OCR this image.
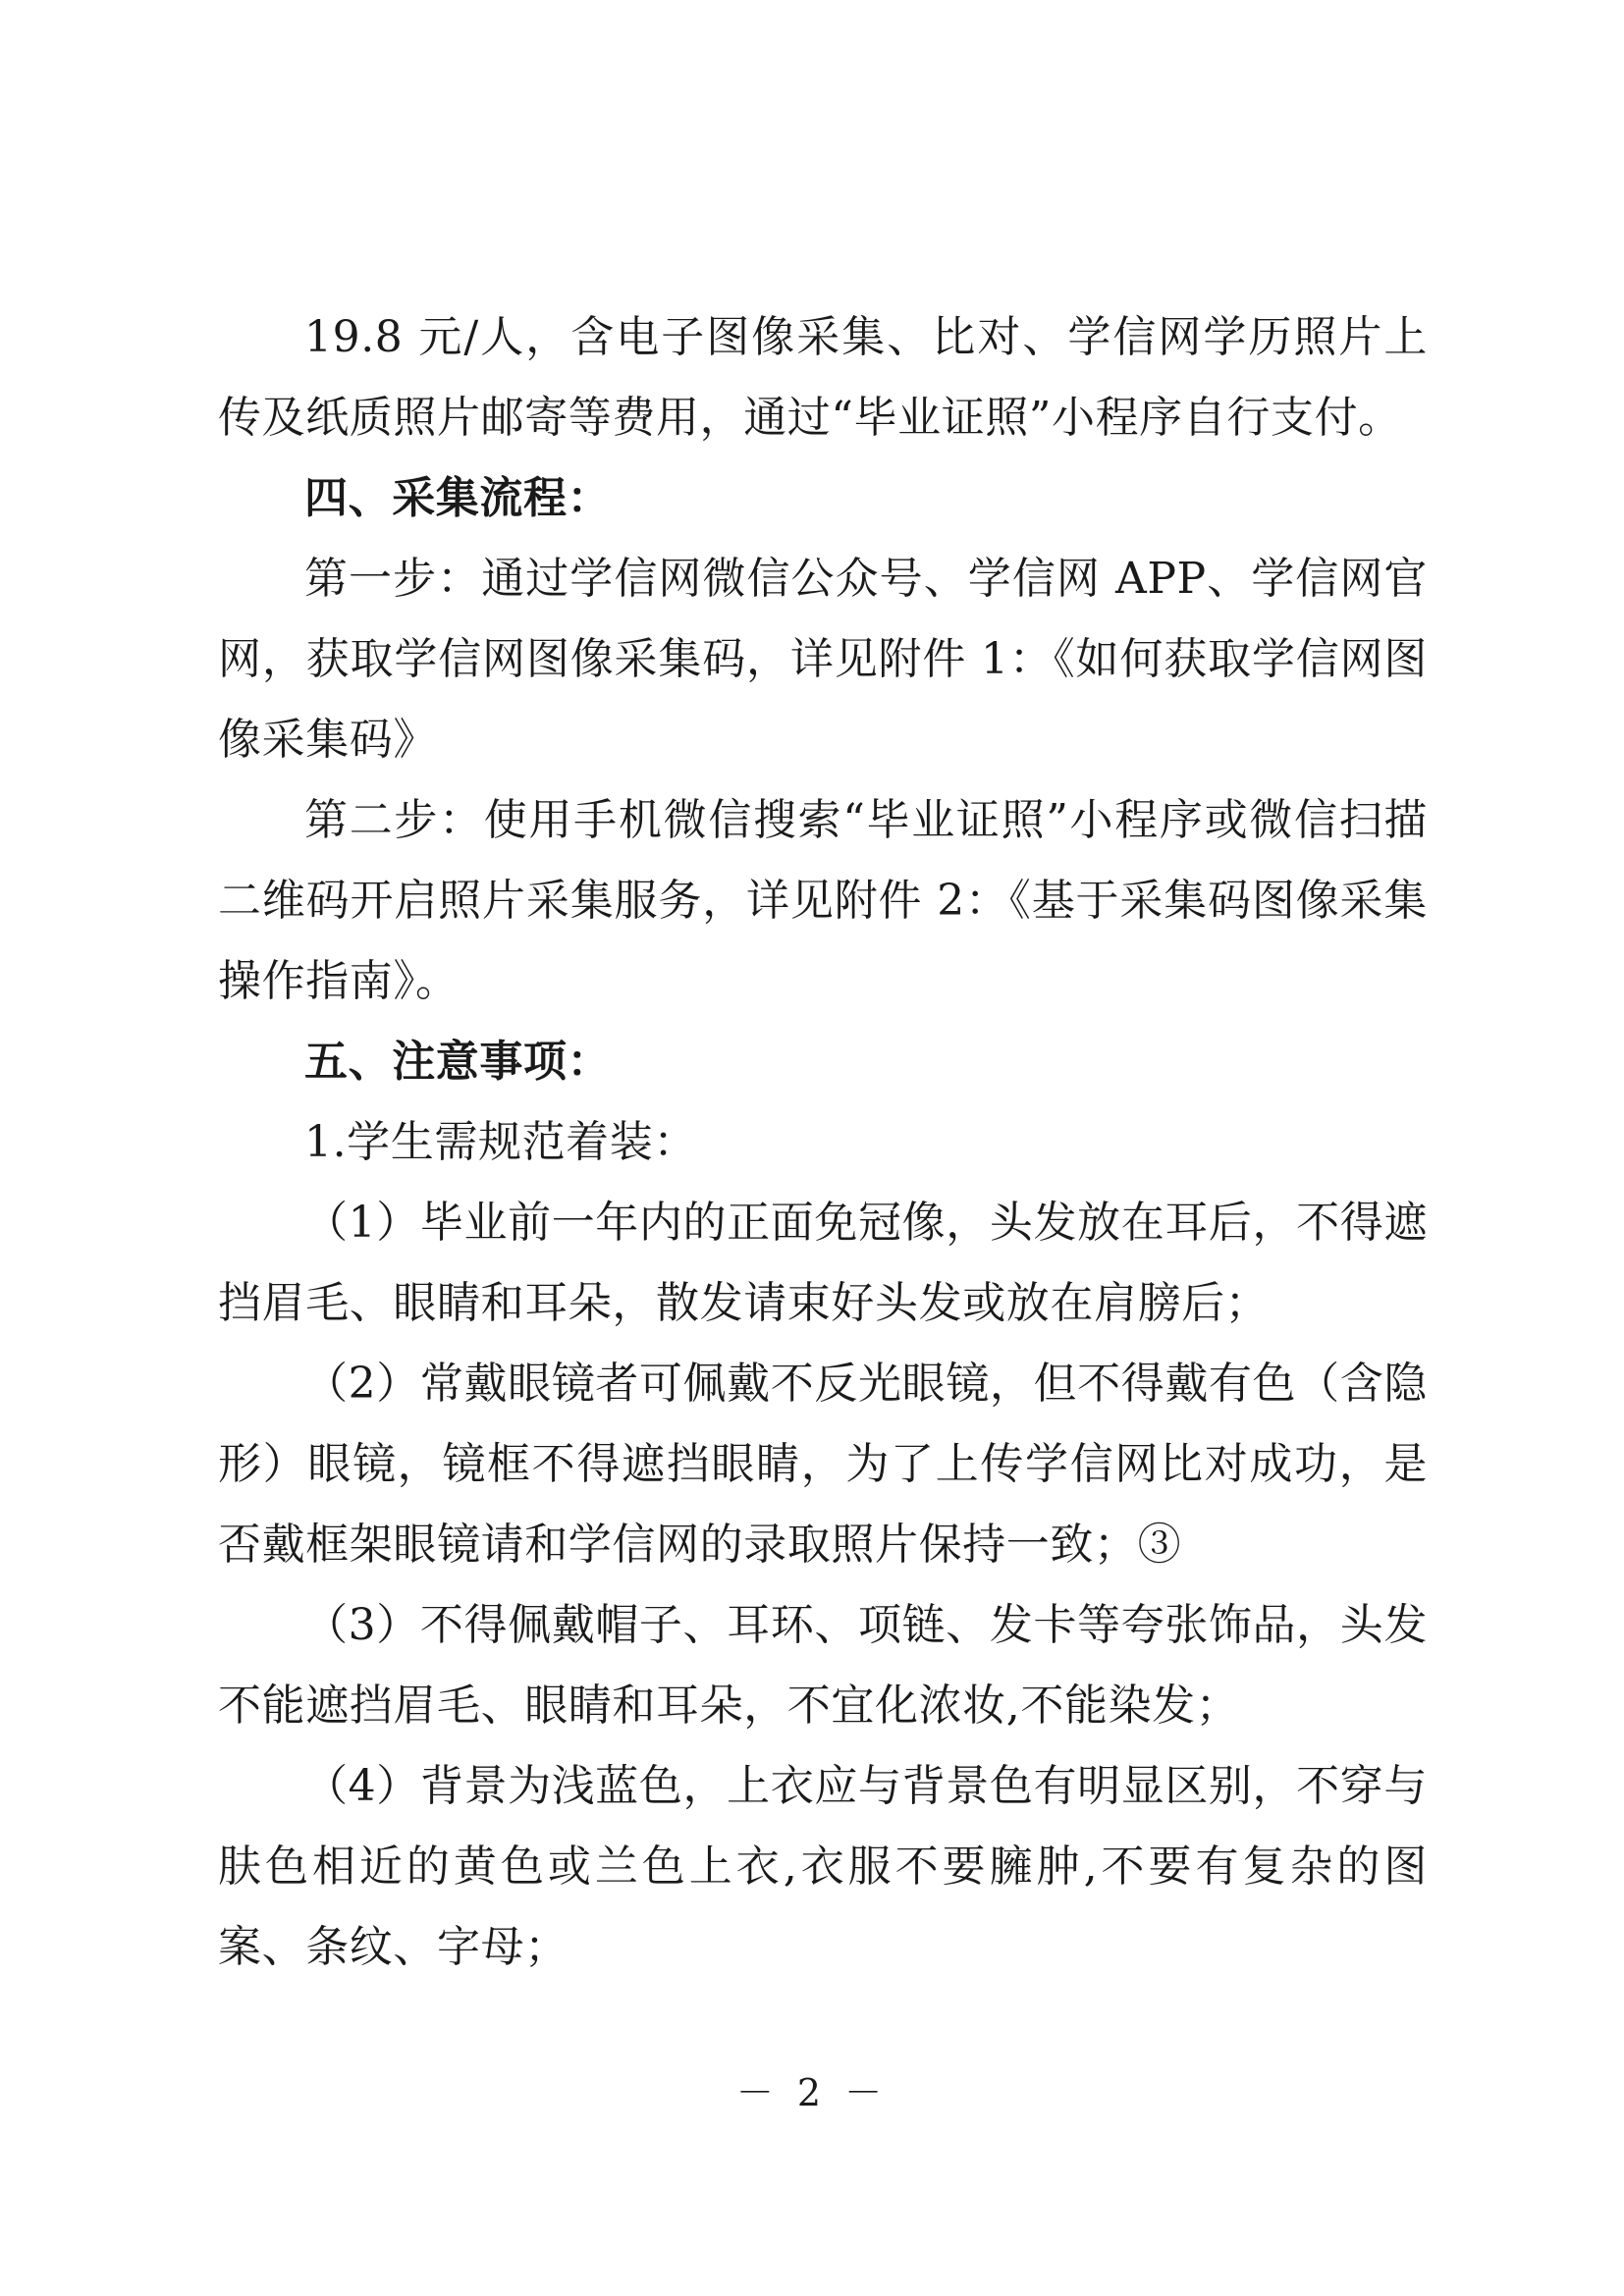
19.8 元/人，含电子图像采集、比对、学信网学历照片上传及纸质照片邮寄等费用，通过“毕业证照”小程序自行支付。

四、采集流程：

第一步：通过学信网微信公众号、学信网 APP、学信网官网，获取学信网图像采集码，详见附件 1：《如何获取学信网图像采集码》

第二步：使用手机微信搜索“毕业证照”小程序或微信扫描二维码开启照片采集服务，详见附件 2：《基于采集码图像采集操作指南》。

五、注意事项：

1.学生需规范着装：

（1）毕业前一年内的正面免冠像，头发放在耳后，不得遮挡眉毛、眼睛和耳朵，散发请束好头发或放在肩膀后；

（2）常戴眼镜者可佩戴不反光眼镜，但不得戴有色（含隐形）眼镜，镜框不得遮挡眼睛，为了上传学信网比对成功，是否戴框架眼镜请和学信网的录取照片保持一致；③

（3）不得佩戴帽子、耳环、项链、发卡等夸张饰品，头发不能遮挡眉毛、眼睛和耳朵，不宜化浓妆,不能染发；

（4）背景为浅蓝色，上衣应与背景色有明显区别，不穿与肤色相近的黄色或兰色上衣,衣服不要臃肿,不要有复杂的图案、条纹、字母；

－ 2 －
